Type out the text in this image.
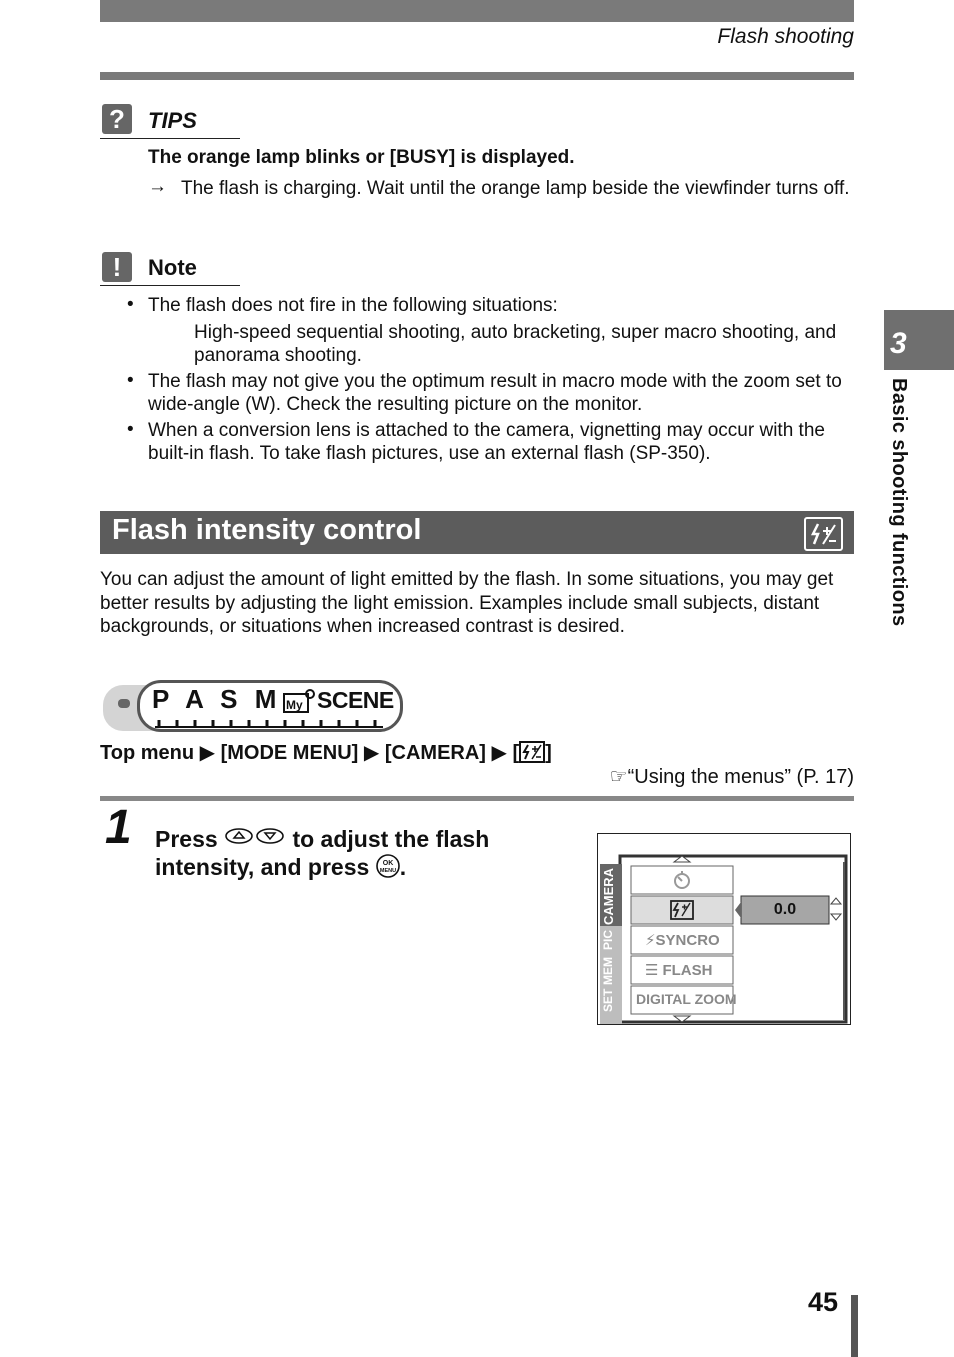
Flash shooting
3
Basic shooting functions
?	TIPS
The orange lamp blinks or [BUSY] is displayed.
→ The flash is charging. Wait until the orange lamp beside the viewfinder turns off.
!	Note
• The flash does not fire in the following situations:
High-speed sequential shooting, auto bracketing, super macro shooting, and panorama shooting.
• The flash may not give you the optimum result in macro mode with the zoom set to wide-angle (W). Check the resulting picture on the monitor.
• When a conversion lens is attached to the camera, vignetting may occur with the built-in flash. To take flash pictures, use an external flash (SP-350).
Flash intensity control
You can adjust the amount of light emitted by the flash. In some situations, you may get better results by adjusting the light emission. Examples include small subjects, distant backgrounds, or situations when increased contrast is desired.
P A S M My SCENE
Top menu ▶ [MODE MENU] ▶ [CAMERA] ▶ [ ]
☞“Using the menus” (P. 17)
1 Press	to adjust the flash intensity, and press OK
MENU .
CAMERA
PIC
MEM
SET
⚡SYNCRO
☰ FLASH
DIGITAL ZOOM
0.0
45
